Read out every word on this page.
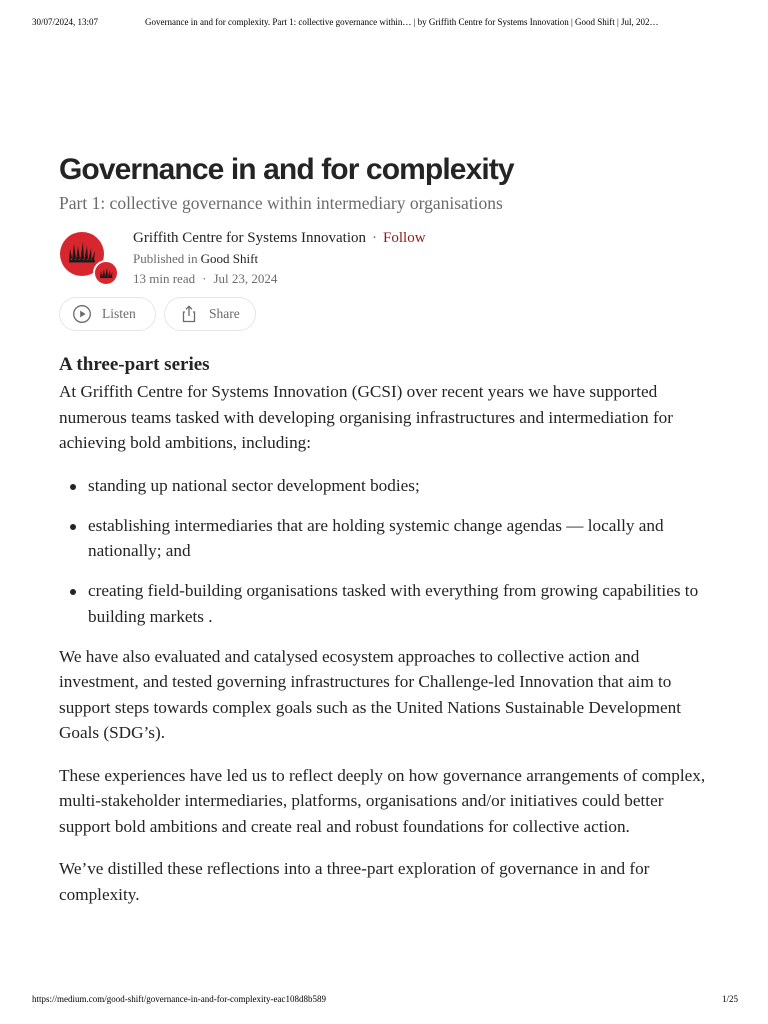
30/07/2024, 13:07	Governance in and for complexity. Part 1: collective governance within… | by Griffith Centre for Systems Innovation | Good Shift | Jul, 202…
Governance in and for complexity
Part 1: collective governance within intermediary organisations
Griffith Centre for Systems Innovation · Follow
Published in Good Shift
13 min read · Jul 23, 2024
Listen	Share
A three-part series

At Griffith Centre for Systems Innovation (GCSI) over recent years we have supported numerous teams tasked with developing organising infrastructures and intermediation for achieving bold ambitions, including:

standing up national sector development bodies;
establishing intermediaries that are holding systemic change agendas — locally and nationally; and
creating field-building organisations tasked with everything from growing capabilities to building markets .

We have also evaluated and catalysed ecosystem approaches to collective action and investment, and tested governing infrastructures for Challenge-led Innovation that aim to support steps towards complex goals such as the United Nations Sustainable Development Goals (SDG’s).

These experiences have led us to reflect deeply on how governance arrangements of complex, multi-stakeholder intermediaries, platforms, organisations and/or initiatives could better support bold ambitions and create real and robust foundations for collective action.

We’ve distilled these reflections into a three-part exploration of governance in and for complexity.

https://medium.com/good-shift/governance-in-and-for-complexity-eac108d8b589	1/25
